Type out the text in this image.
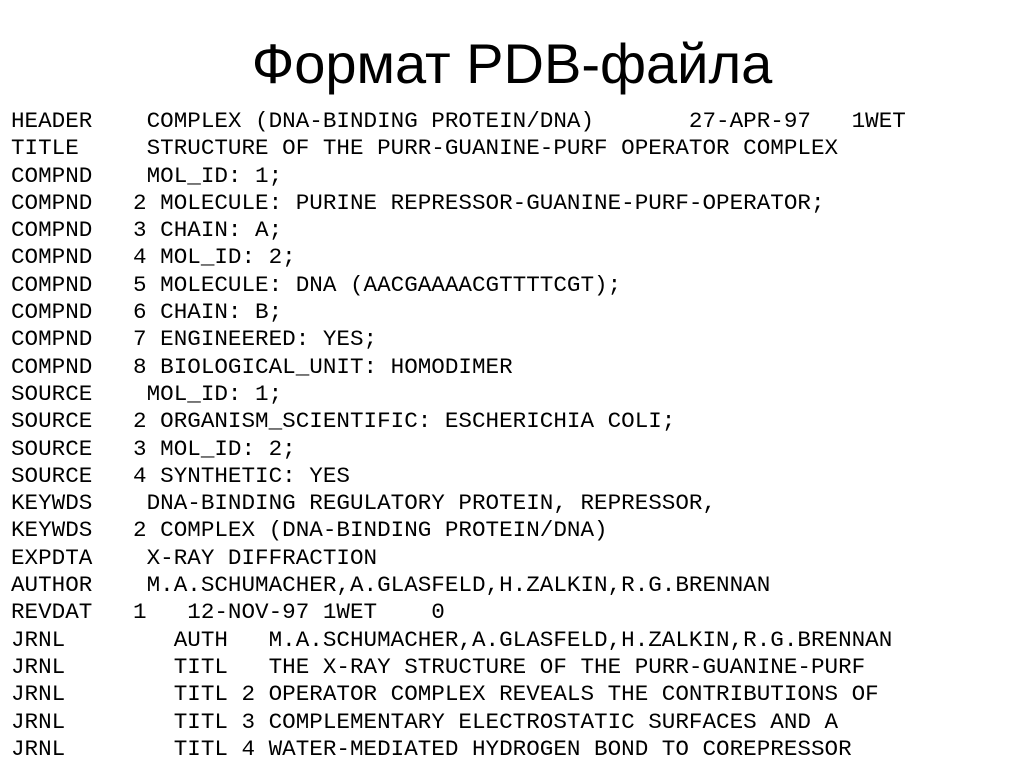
Формат PDB-файла
HEADER    COMPLEX (DNA-BINDING PROTEIN/DNA)       27-APR-97   1WET
TITLE     STRUCTURE OF THE PURR-GUANINE-PURF OPERATOR COMPLEX
COMPND    MOL_ID: 1;
COMPND   2 MOLECULE: PURINE REPRESSOR-GUANINE-PURF-OPERATOR;
COMPND   3 CHAIN: A;
COMPND   4 MOL_ID: 2;
COMPND   5 MOLECULE: DNA (AACGAAAACGTTTTCGT);
COMPND   6 CHAIN: B;
COMPND   7 ENGINEERED: YES;
COMPND   8 BIOLOGICAL_UNIT: HOMODIMER
SOURCE    MOL_ID: 1;
SOURCE   2 ORGANISM_SCIENTIFIC: ESCHERICHIA COLI;
SOURCE   3 MOL_ID: 2;
SOURCE   4 SYNTHETIC: YES
KEYWDS    DNA-BINDING REGULATORY PROTEIN, REPRESSOR,
KEYWDS   2 COMPLEX (DNA-BINDING PROTEIN/DNA)
EXPDTA    X-RAY DIFFRACTION
AUTHOR    M.A.SCHUMACHER,A.GLASFELD,H.ZALKIN,R.G.BRENNAN
REVDAT   1   12-NOV-97 1WET    0
JRNL        AUTH   M.A.SCHUMACHER,A.GLASFELD,H.ZALKIN,R.G.BRENNAN
JRNL        TITL   THE X-RAY STRUCTURE OF THE PURR-GUANINE-PURF
JRNL        TITL 2 OPERATOR COMPLEX REVEALS THE CONTRIBUTIONS OF
JRNL        TITL 3 COMPLEMENTARY ELECTROSTATIC SURFACES AND A
JRNL        TITL 4 WATER-MEDIATED HYDROGEN BOND TO COREPRESSOR
